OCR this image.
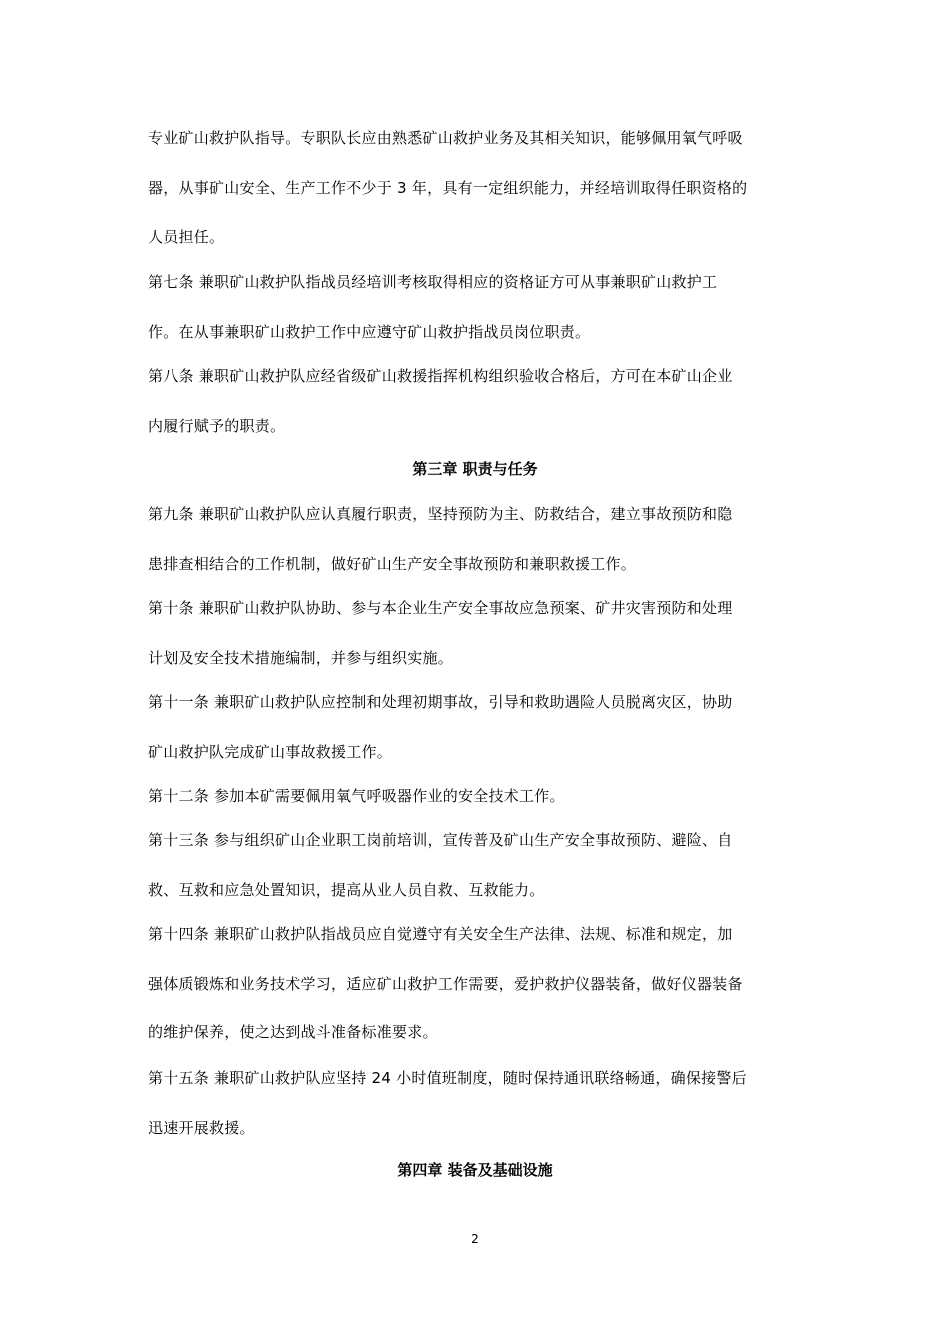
专业矿山救护队指导。专职队长应由熟悉矿山救护业务及其相关知识，能够佩用氧气呼吸
器，从事矿山安全、生产工作不少于 3 年，具有一定组织能力，并经培训取得任职资格的
人员担任。
第七条 兼职矿山救护队指战员经培训考核取得相应的资格证方可从事兼职矿山救护工
作。在从事兼职矿山救护工作中应遵守矿山救护指战员岗位职责。
第八条 兼职矿山救护队应经省级矿山救援指挥机构组织验收合格后，方可在本矿山企业
内履行赋予的职责。
第三章 职责与任务
第九条 兼职矿山救护队应认真履行职责，坚持预防为主、防救结合，建立事故预防和隐
患排查相结合的工作机制，做好矿山生产安全事故预防和兼职救援工作。
第十条 兼职矿山救护队协助、参与本企业生产安全事故应急预案、矿井灾害预防和处理
计划及安全技术措施编制，并参与组织实施。
第十一条 兼职矿山救护队应控制和处理初期事故，引导和救助遇险人员脱离灾区，协助
矿山救护队完成矿山事故救援工作。
第十二条 参加本矿需要佩用氧气呼吸器作业的安全技术工作。
第十三条 参与组织矿山企业职工岗前培训，宣传普及矿山生产安全事故预防、避险、自
救、互救和应急处置知识，提高从业人员自救、互救能力。
第十四条 兼职矿山救护队指战员应自觉遵守有关安全生产法律、法规、标准和规定，加
强体质锻炼和业务技术学习，适应矿山救护工作需要，爱护救护仪器装备，做好仪器装备
的维护保养，使之达到战斗准备标准要求。
第十五条 兼职矿山救护队应坚持 24 小时值班制度，随时保持通讯联络畅通，确保接警后
迅速开展救援。
第四章 装备及基础设施
2
